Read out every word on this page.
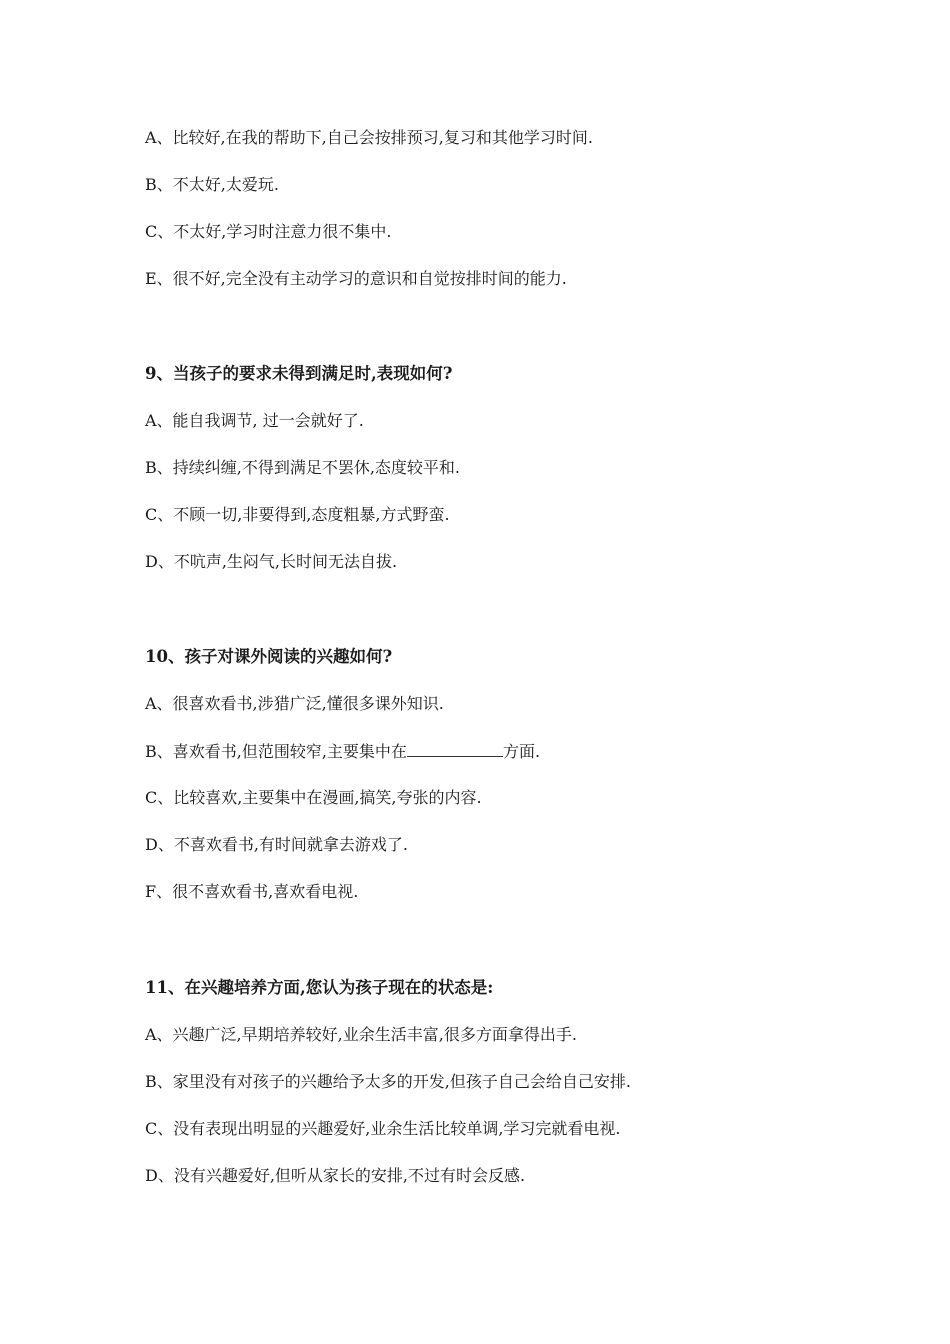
A、比较好,在我的帮助下,自己会按排预习,复习和其他学习时间.
B、不太好,太爱玩.
C、不太好,学习时注意力很不集中.
E、很不好,完全没有主动学习的意识和自觉按排时间的能力.
9、当孩子的要求未得到满足时,表现如何?
A、能自我调节, 过一会就好了.
B、持续纠缠,不得到满足不罢休,态度较平和.
C、不顾一切,非要得到,态度粗暴,方式野蛮.
D、不吭声,生闷气,长时间无法自拔.
10、孩子对课外阅读的兴趣如何?
A、很喜欢看书,涉猎广泛,懂很多课外知识.
B、喜欢看书,但范围较窄,主要集中在	方面.
C、比较喜欢,主要集中在漫画,搞笑,夸张的内容.
D、不喜欢看书,有时间就拿去游戏了.
F、很不喜欢看书,喜欢看电视.
11、在兴趣培养方面,您认为孩子现在的状态是:
A、兴趣广泛,早期培养较好,业余生活丰富,很多方面拿得出手.
B、家里没有对孩子的兴趣给予太多的开发,但孩子自己会给自己安排.
C、没有表现出明显的兴趣爱好,业余生活比较单调,学习完就看电视.
D、没有兴趣爱好,但听从家长的安排,不过有时会反感.
